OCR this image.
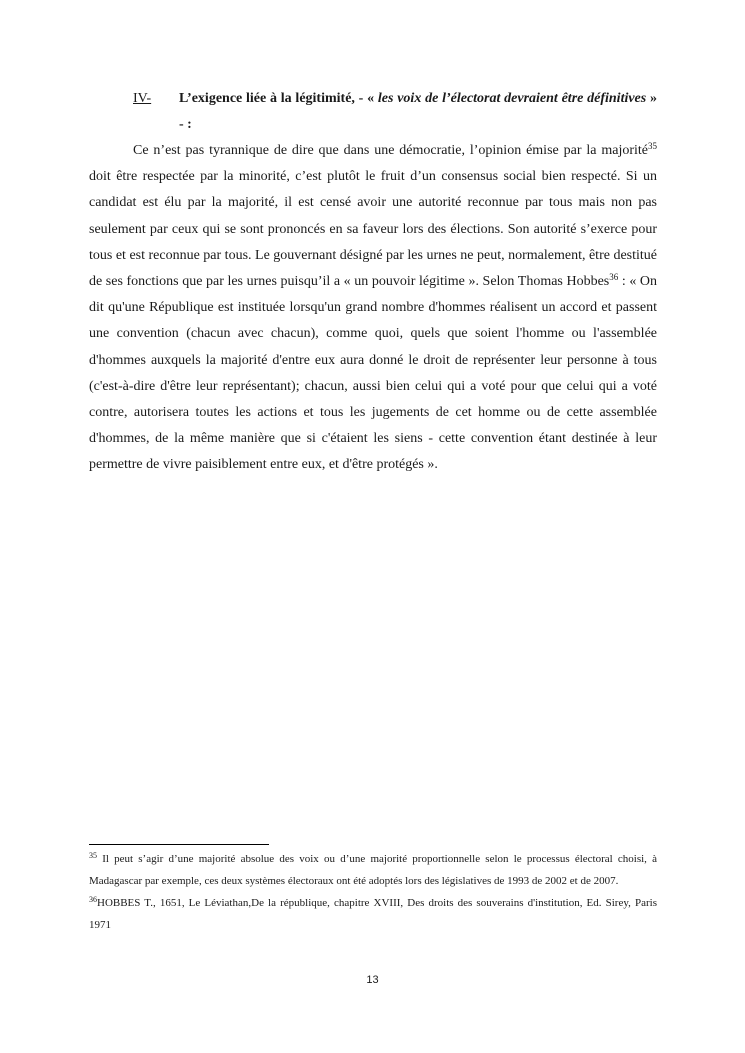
IV- L’exigence liée à la légitimité, - « les voix de l’électorat devraient être définitives » - :

Ce n’est pas tyrannique de dire que dans une démocratie, l’opinion émise par la majorité$^{35}$ doit être respectée par la minorité, c’est plutôt le fruit d’un consensus social bien respecté. Si un candidat est élu par la majorité, il est censé avoir une autorité reconnue par tous mais non pas seulement par ceux qui se sont prononcés en sa faveur lors des élections. Son autorité s’exerce pour tous et est reconnue par tous. Le gouvernant désigné par les urnes ne peut, normalement, être destitué de ses fonctions que par les urnes puisqu’il a « un pouvoir légitime ». Selon Thomas Hobbes$^{36}$ : « On dit qu'une République est instituée lorsqu'un grand nombre d'hommes réalisent un accord et passent une convention (chacun avec chacun), comme quoi, quels que soient l'homme ou l'assemblée d'hommes auxquels la majorité d'entre eux aura donné le droit de représenter leur personne à tous (c'est-à-dire d'être leur représentant); chacun, aussi bien celui qui a voté pour que celui qui a voté contre, autorisera toutes les actions et tous les jugements de cet homme ou de cette assemblée d'hommes, de la même manière que si c'étaient les siens - cette convention étant destinée à leur permettre de vivre paisiblement entre eux, et d'être protégés ».

$^{35}$ Il peut s’agir d’une majorité absolue des voix ou d’une majorité proportionnelle selon le processus électoral choisi, à Madagascar par exemple, ces deux systèmes électoraux ont été adoptés lors des législatives de 1993 de 2002 et de 2007.

$^{36}$HOBBES T., 1651, Le Léviathan,De la république, chapitre XVIII, Des droits des souverains d'institution, Ed. Sirey, Paris 1971

13
